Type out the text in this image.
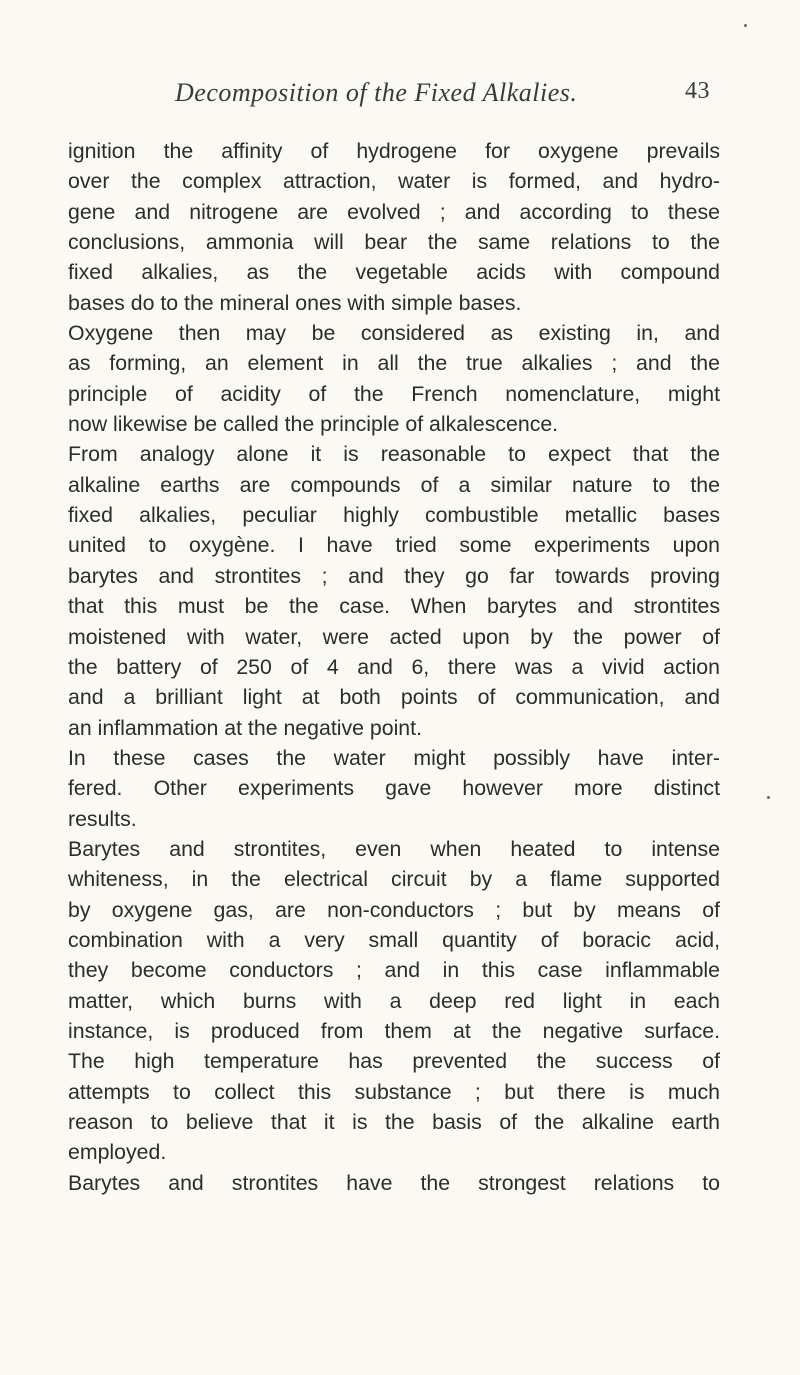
Decomposition of the Fixed Alkalies.	43
ignition the affinity of hydrogene for oxygene prevails
over the complex attraction, water is formed, and hydro-
gene and nitrogene are evolved ; and according to these
conclusions, ammonia will bear the same relations to the
fixed alkalies, as the vegetable acids with compound
bases do to the mineral ones with simple bases.
Oxygene then may be considered as existing in, and
as forming, an element in all the true alkalies ; and the
principle of acidity of the French nomenclature, might
now likewise be called the principle of alkalescence.
From analogy alone it is reasonable to expect that the
alkaline earths are compounds of a similar nature to the
fixed alkalies, peculiar highly combustible metallic bases
united to oxygène. I have tried some experiments upon
barytes and strontites ; and they go far towards proving
that this must be the case. When barytes and strontites
moistened with water, were acted upon by the power of
the battery of 250 of 4 and 6, there was a vivid action
and a brilliant light at both points of communication, and
an inflammation at the negative point.
In these cases the water might possibly have inter-
fered. Other experiments gave however more distinct
results.
Barytes and strontites, even when heated to intense
whiteness, in the electrical circuit by a flame supported
by oxygene gas, are non-conductors ; but by means of
combination with a very small quantity of boracic acid,
they become conductors ; and in this case inflammable
matter, which burns with a deep red light in each
instance, is produced from them at the negative surface.
The high temperature has prevented the success of
attempts to collect this substance ; but there is much
reason to believe that it is the basis of the alkaline earth
employed.
Barytes and strontites have the strongest relations to
